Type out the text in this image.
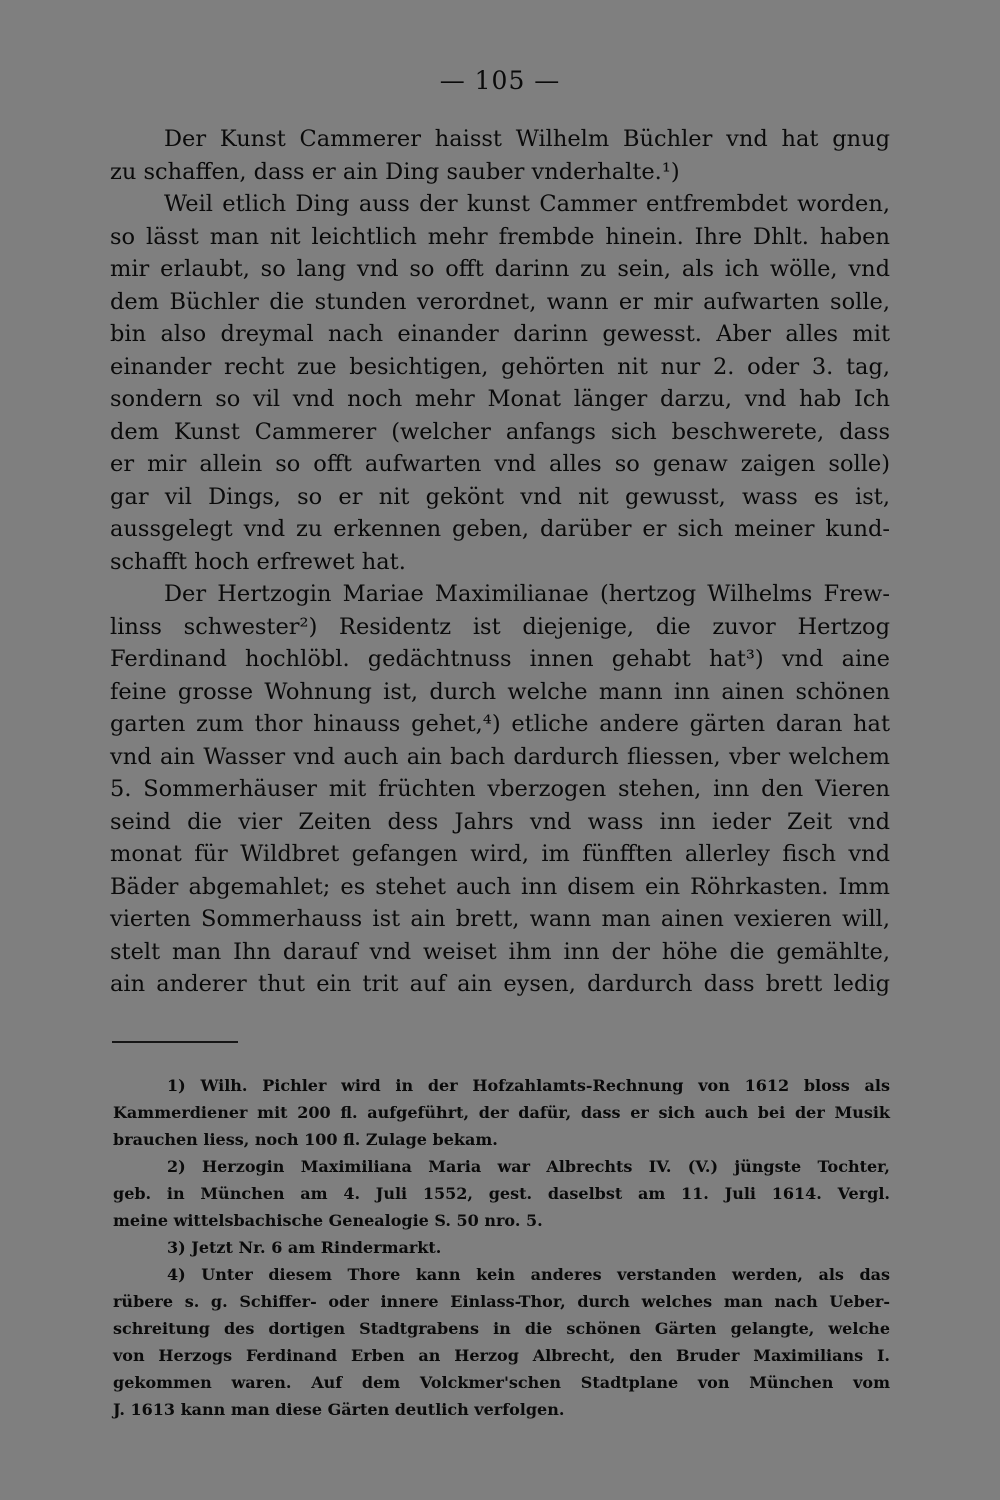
— 105 —
Der Kunst Cammerer haisst Wilhelm Büchler vnd hat gnug
zu schaffen, dass er ain Ding sauber vnderhalte.¹)
Weil etlich Ding auss der kunst Cammer entfrembdet worden,
so lässt man nit leichtlich mehr frembde hinein. Ihre Dhlt. haben
mir erlaubt, so lang vnd so offt darinn zu sein, als ich wölle, vnd
dem Büchler die stunden verordnet, wann er mir aufwarten solle,
bin also dreymal nach einander darinn gewesst. Aber alles mit
einander recht zue besichtigen, gehörten nit nur 2. oder 3. tag,
sondern so vil vnd noch mehr Monat länger darzu, vnd hab Ich
dem Kunst Cammerer (welcher anfangs sich beschwerete, dass
er mir allein so offt aufwarten vnd alles so genaw zaigen solle)
gar vil Dings, so er nit gekönt vnd nit gewusst, wass es ist,
aussgelegt vnd zu erkennen geben, darüber er sich meiner kund-
schafft hoch erfrewet hat.
Der Hertzogin Mariae Maximilianae (hertzog Wilhelms Frew-
linss schwester²) Residentz ist diejenige, die zuvor Hertzog
Ferdinand hochlöbl. gedächtnuss innen gehabt hat³) vnd aine
feine grosse Wohnung ist, durch welche mann inn ainen schönen
garten zum thor hinauss gehet,⁴) etliche andere gärten daran hat
vnd ain Wasser vnd auch ain bach dardurch fliessen, vber welchem
5. Sommerhäuser mit früchten vberzogen stehen, inn den Vieren
seind die vier Zeiten dess Jahrs vnd wass inn ieder Zeit vnd
monat für Wildbret gefangen wird, im fünfften allerley fisch vnd
Bäder abgemahlet; es stehet auch inn disem ein Röhrkasten. Imm
vierten Sommerhauss ist ain brett, wann man ainen vexieren will,
stelt man Ihn darauf vnd weiset ihm inn der höhe die gemählte,
ain anderer thut ein trit auf ain eysen, dardurch dass brett ledig
1) Wilh. Pichler wird in der Hofzahlamts-Rechnung von 1612 bloss als
Kammerdiener mit 200 fl. aufgeführt, der dafür, dass er sich auch bei der Musik
brauchen liess, noch 100 fl. Zulage bekam.
2) Herzogin Maximiliana Maria war Albrechts IV. (V.) jüngste Tochter,
geb. in München am 4. Juli 1552, gest. daselbst am 11. Juli 1614. Vergl.
meine wittelsbachische Genealogie S. 50 nro. 5.
3) Jetzt Nr. 6 am Rindermarkt.
4) Unter diesem Thore kann kein anderes verstanden werden, als das
rübere s. g. Schiffer- oder innere Einlass-Thor, durch welches man nach Ueber-
schreitung des dortigen Stadtgrabens in die schönen Gärten gelangte, welche
von Herzogs Ferdinand Erben an Herzog Albrecht, den Bruder Maximilians I.
gekommen waren. Auf dem Volckmer'schen Stadtplane von München vom
J. 1613 kann man diese Gärten deutlich verfolgen.
